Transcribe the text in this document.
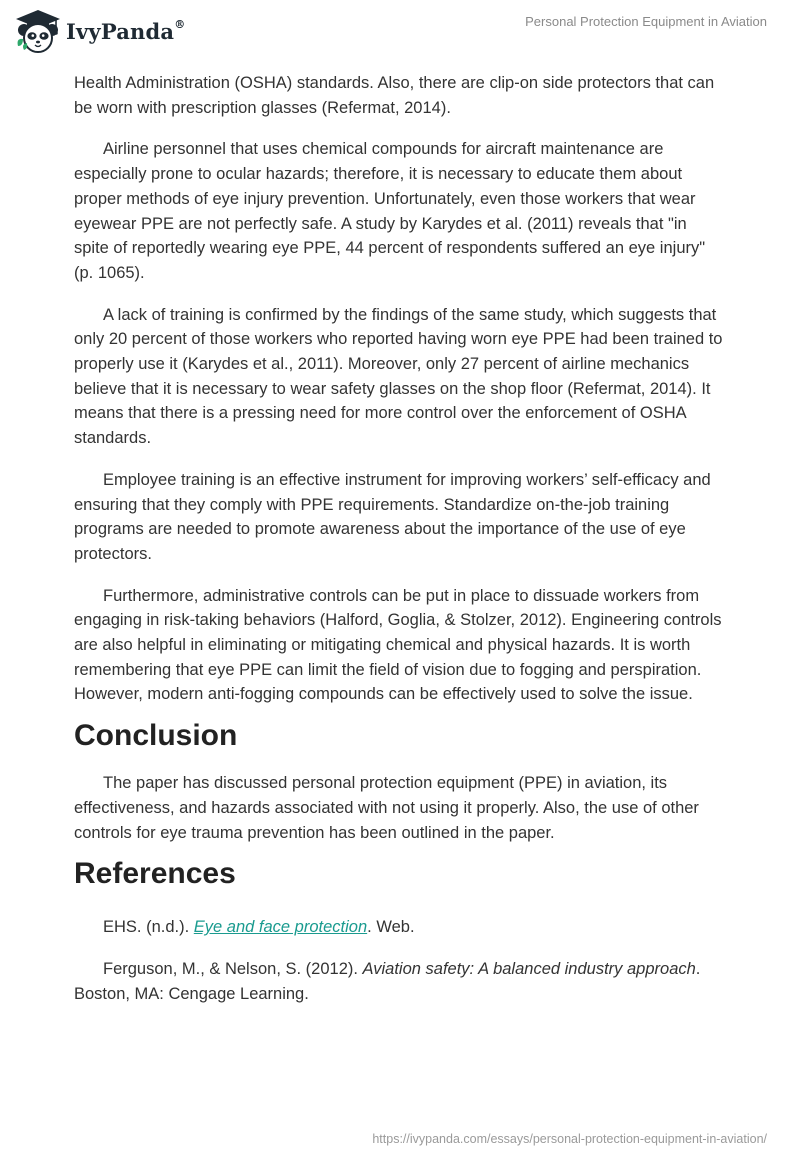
IvyPanda®	Personal Protection Equipment in Aviation

Health Administration (OSHA) standards. Also, there are clip-on side protectors that can be worn with prescription glasses (Refermat, 2014).

Airline personnel that uses chemical compounds for aircraft maintenance are especially prone to ocular hazards; therefore, it is necessary to educate them about proper methods of eye injury prevention. Unfortunately, even those workers that wear eyewear PPE are not perfectly safe. A study by Karydes et al. (2011) reveals that "in spite of reportedly wearing eye PPE, 44 percent of respondents suffered an eye injury" (p. 1065).

A lack of training is confirmed by the findings of the same study, which suggests that only 20 percent of those workers who reported having worn eye PPE had been trained to properly use it (Karydes et al., 2011). Moreover, only 27 percent of airline mechanics believe that it is necessary to wear safety glasses on the shop floor (Refermat, 2014). It means that there is a pressing need for more control over the enforcement of OSHA standards.

Employee training is an effective instrument for improving workers’ self-efficacy and ensuring that they comply with PPE requirements. Standardize on-the-job training programs are needed to promote awareness about the importance of the use of eye protectors.

Furthermore, administrative controls can be put in place to dissuade workers from engaging in risk-taking behaviors (Halford, Goglia, & Stolzer, 2012). Engineering controls are also helpful in eliminating or mitigating chemical and physical hazards. It is worth remembering that eye PPE can limit the field of vision due to fogging and perspiration. However, modern anti-fogging compounds can be effectively used to solve the issue.

Conclusion

The paper has discussed personal protection equipment (PPE) in aviation, its effectiveness, and hazards associated with not using it properly. Also, the use of other controls for eye trauma prevention has been outlined in the paper.

References

EHS. (n.d.). Eye and face protection. Web.

Ferguson, M., & Nelson, S. (2012). Aviation safety: A balanced industry approach. Boston, MA: Cengage Learning.

https://ivypanda.com/essays/personal-protection-equipment-in-aviation/
